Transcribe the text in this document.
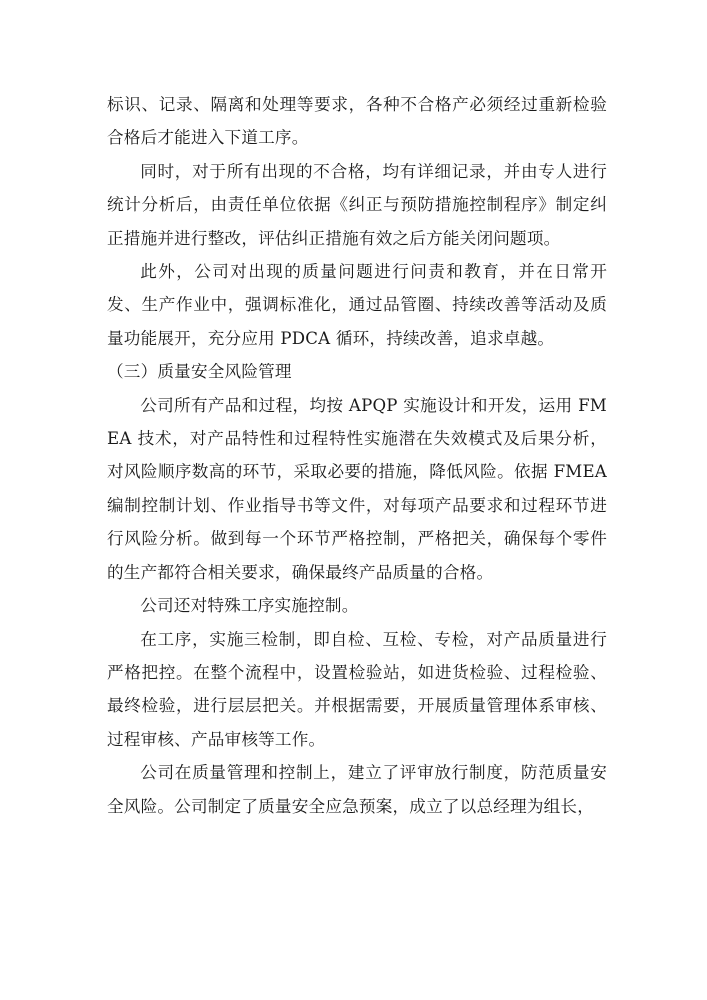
标识、记录、隔离和处理等要求，各种不合格产必须经过重新检验合格后才能进入下道工序。

同时，对于所有出现的不合格，均有详细记录，并由专人进行统计分析后，由责任单位依据《纠正与预防措施控制程序》制定纠正措施并进行整改，评估纠正措施有效之后方能关闭问题项。

此外，公司对出现的质量问题进行问责和教育，并在日常开发、生产作业中，强调标准化，通过品管圈、持续改善等活动及质量功能展开，充分应用 PDCA 循环，持续改善，追求卓越。

（三）质量安全风险管理

公司所有产品和过程，均按 APQP 实施设计和开发，运用 FMEA 技术，对产品特性和过程特性实施潜在失效模式及后果分析，对风险顺序数高的环节，采取必要的措施，降低风险。依据 FMEA 编制控制计划、作业指导书等文件，对每项产品要求和过程环节进行风险分析。做到每一个环节严格控制，严格把关，确保每个零件的生产都符合相关要求，确保最终产品质量的合格。

公司还对特殊工序实施控制。

在工序，实施三检制，即自检、互检、专检，对产品质量进行严格把控。在整个流程中，设置检验站，如进货检验、过程检验、最终检验，进行层层把关。并根据需要，开展质量管理体系审核、过程审核、产品审核等工作。

公司在质量管理和控制上，建立了评审放行制度，防范质量安全风险。公司制定了质量安全应急预案，成立了以总经理为组长，
